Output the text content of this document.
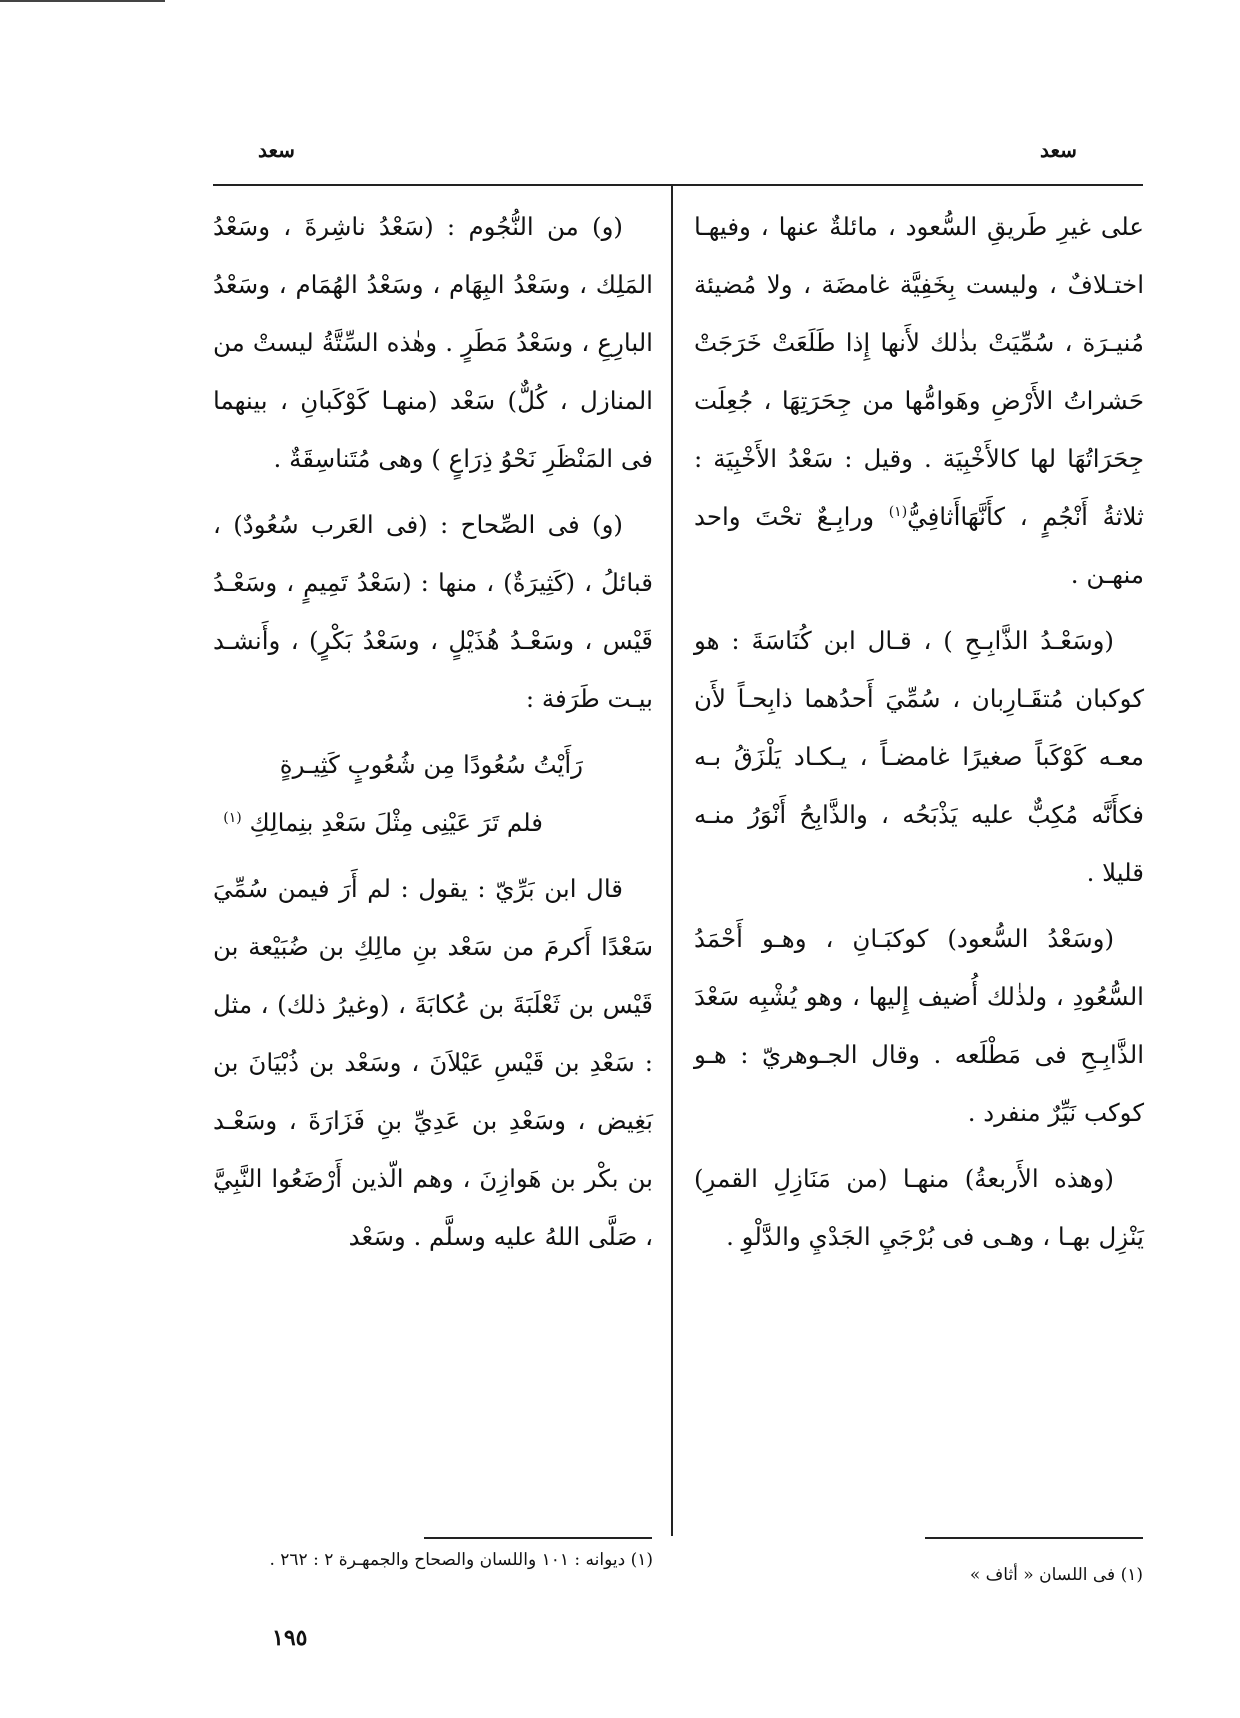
سعد	سعد

على غيرِ طَريقِ السُّعود ، مائلةٌ عنها ، وفيهـا اختـلافٌ ، وليست بِخَفِيَّة غامضَة ، ولا مُضيئة مُنيـرَة ، سُمِّيَتْ بذٰلك لأَنها إِذا طَلَعَتْ خَرَجَتْ حَشراتُ الأَرْضِ وهَوامُّها من جِحَرَتِهَا ، جُعِلَت جِحَرَاتُهَا لها كالأَخْبِيَة . وقيل : سَعْدُ الأَخْبِيَة : ثلاثةُ أَنْجُمٍ ، كأَنَّهَاأَثافِيُّ$^{(١)}$ ورابِـعٌ تحْتَ واحد منهـن .

(وسَعْـدُ الذَّابِـحِ ) ، قـال ابن كُنَاسَةَ : هو كوكبان مُتقَـارِبان ، سُمِّيَ أَحدُهما ذابِحـاً لأَن معـه كَوْكَباً صغيرًا غامضـاً ، يـكـاد يَلْزَقُ بـه فكأَنَّه مُكِبٌّ عليه يَذْبَحُه ، والذَّابِحُ أَنْوَرُ منـه قليلا .

(وسَعْدُ السُّعود) كوكبَـانِ ، وهـو أَحْمَدُ السُّعُودِ ، ولذٰلك أُضيف إِليها ، وهو يُشْبِه سَعْدَ الذَّابِـحِ فى مَطْلَعه . وقال الجـوهريّ : هـو كوكب نَيِّرٌ منفرد .

(وهذه الأَربعةُ) منهـا (من مَنَازِلِ القمرِ) يَنْزِل بهـا ، وهـى فى بُرْجَيِ الجَدْيِ والدَّلْوِ .

(و) من النُّجُوم : (سَعْدُ ناشِرةَ ، وسَعْدُ المَلِك ، وسَعْدُ البِهَام ، وسَعْدُ الهُمَام ، وسَعْدُ البارِعِ ، وسَعْدُ مَطَرٍ . وهٰذه السِّتَّةُ ليستْ من المنازل ، كُلٌّ) سَعْد (منهـا كَوْكَبانِ ، بينهما فى المَنْظَرِ نَحْوُ ذِرَاعٍ ) وهى مُتَناسِقَةٌ .

(و) فى الصِّحاح : (فى العَرب سُعُودٌ) ، قبائلُ ، (كَثِيرَةٌ) ، منها : (سَعْدُ تَمِيمٍ ، وسَعْـدُ قَيْس ، وسَعْـدُ هُذَيْلٍ ، وسَعْدُ بَكْرٍ) ، وأَنشـد بيـت طَرَفة :

رَأَيْتُ سُعُودًا مِن شُعُوبٍ كَثِيـرةٍ
فلم تَرَ عَيْنِى مِثْلَ سَعْدِ بنِمالِكِ $^{(١)}$

قال ابن بَرِّيّ : يقول : لم أَرَ فيمن سُمِّيَ سَعْدًا أَكرمَ من سَعْد بنِ مالِكِ بن ضُبَيْعة بن قَيْس بن ثَعْلَبَةَ بن عُكابَةَ ، (وغيرُ ذلك) ، مثل : سَعْدِ بن قَيْسِ عَيْلاَنَ ، وسَعْد بن ذُبْيَانَ بن بَغِيض ، وسَعْدِ بن عَدِيِّ بنِ فَزَارَةَ ، وسَعْـد بن بكْر بن هَوازِنَ ، وهم الّذين أَرْضَعُوا النَّبِيَّ ، صَلَّى اللهُ عليه وسلَّم . وسَعْد

(١) ديوانه : ١٠١ واللسان والصحاح والجمهـرة ٢ : ٢٦٢ .
(١) فى اللسان « أثاف »
١٩٥
